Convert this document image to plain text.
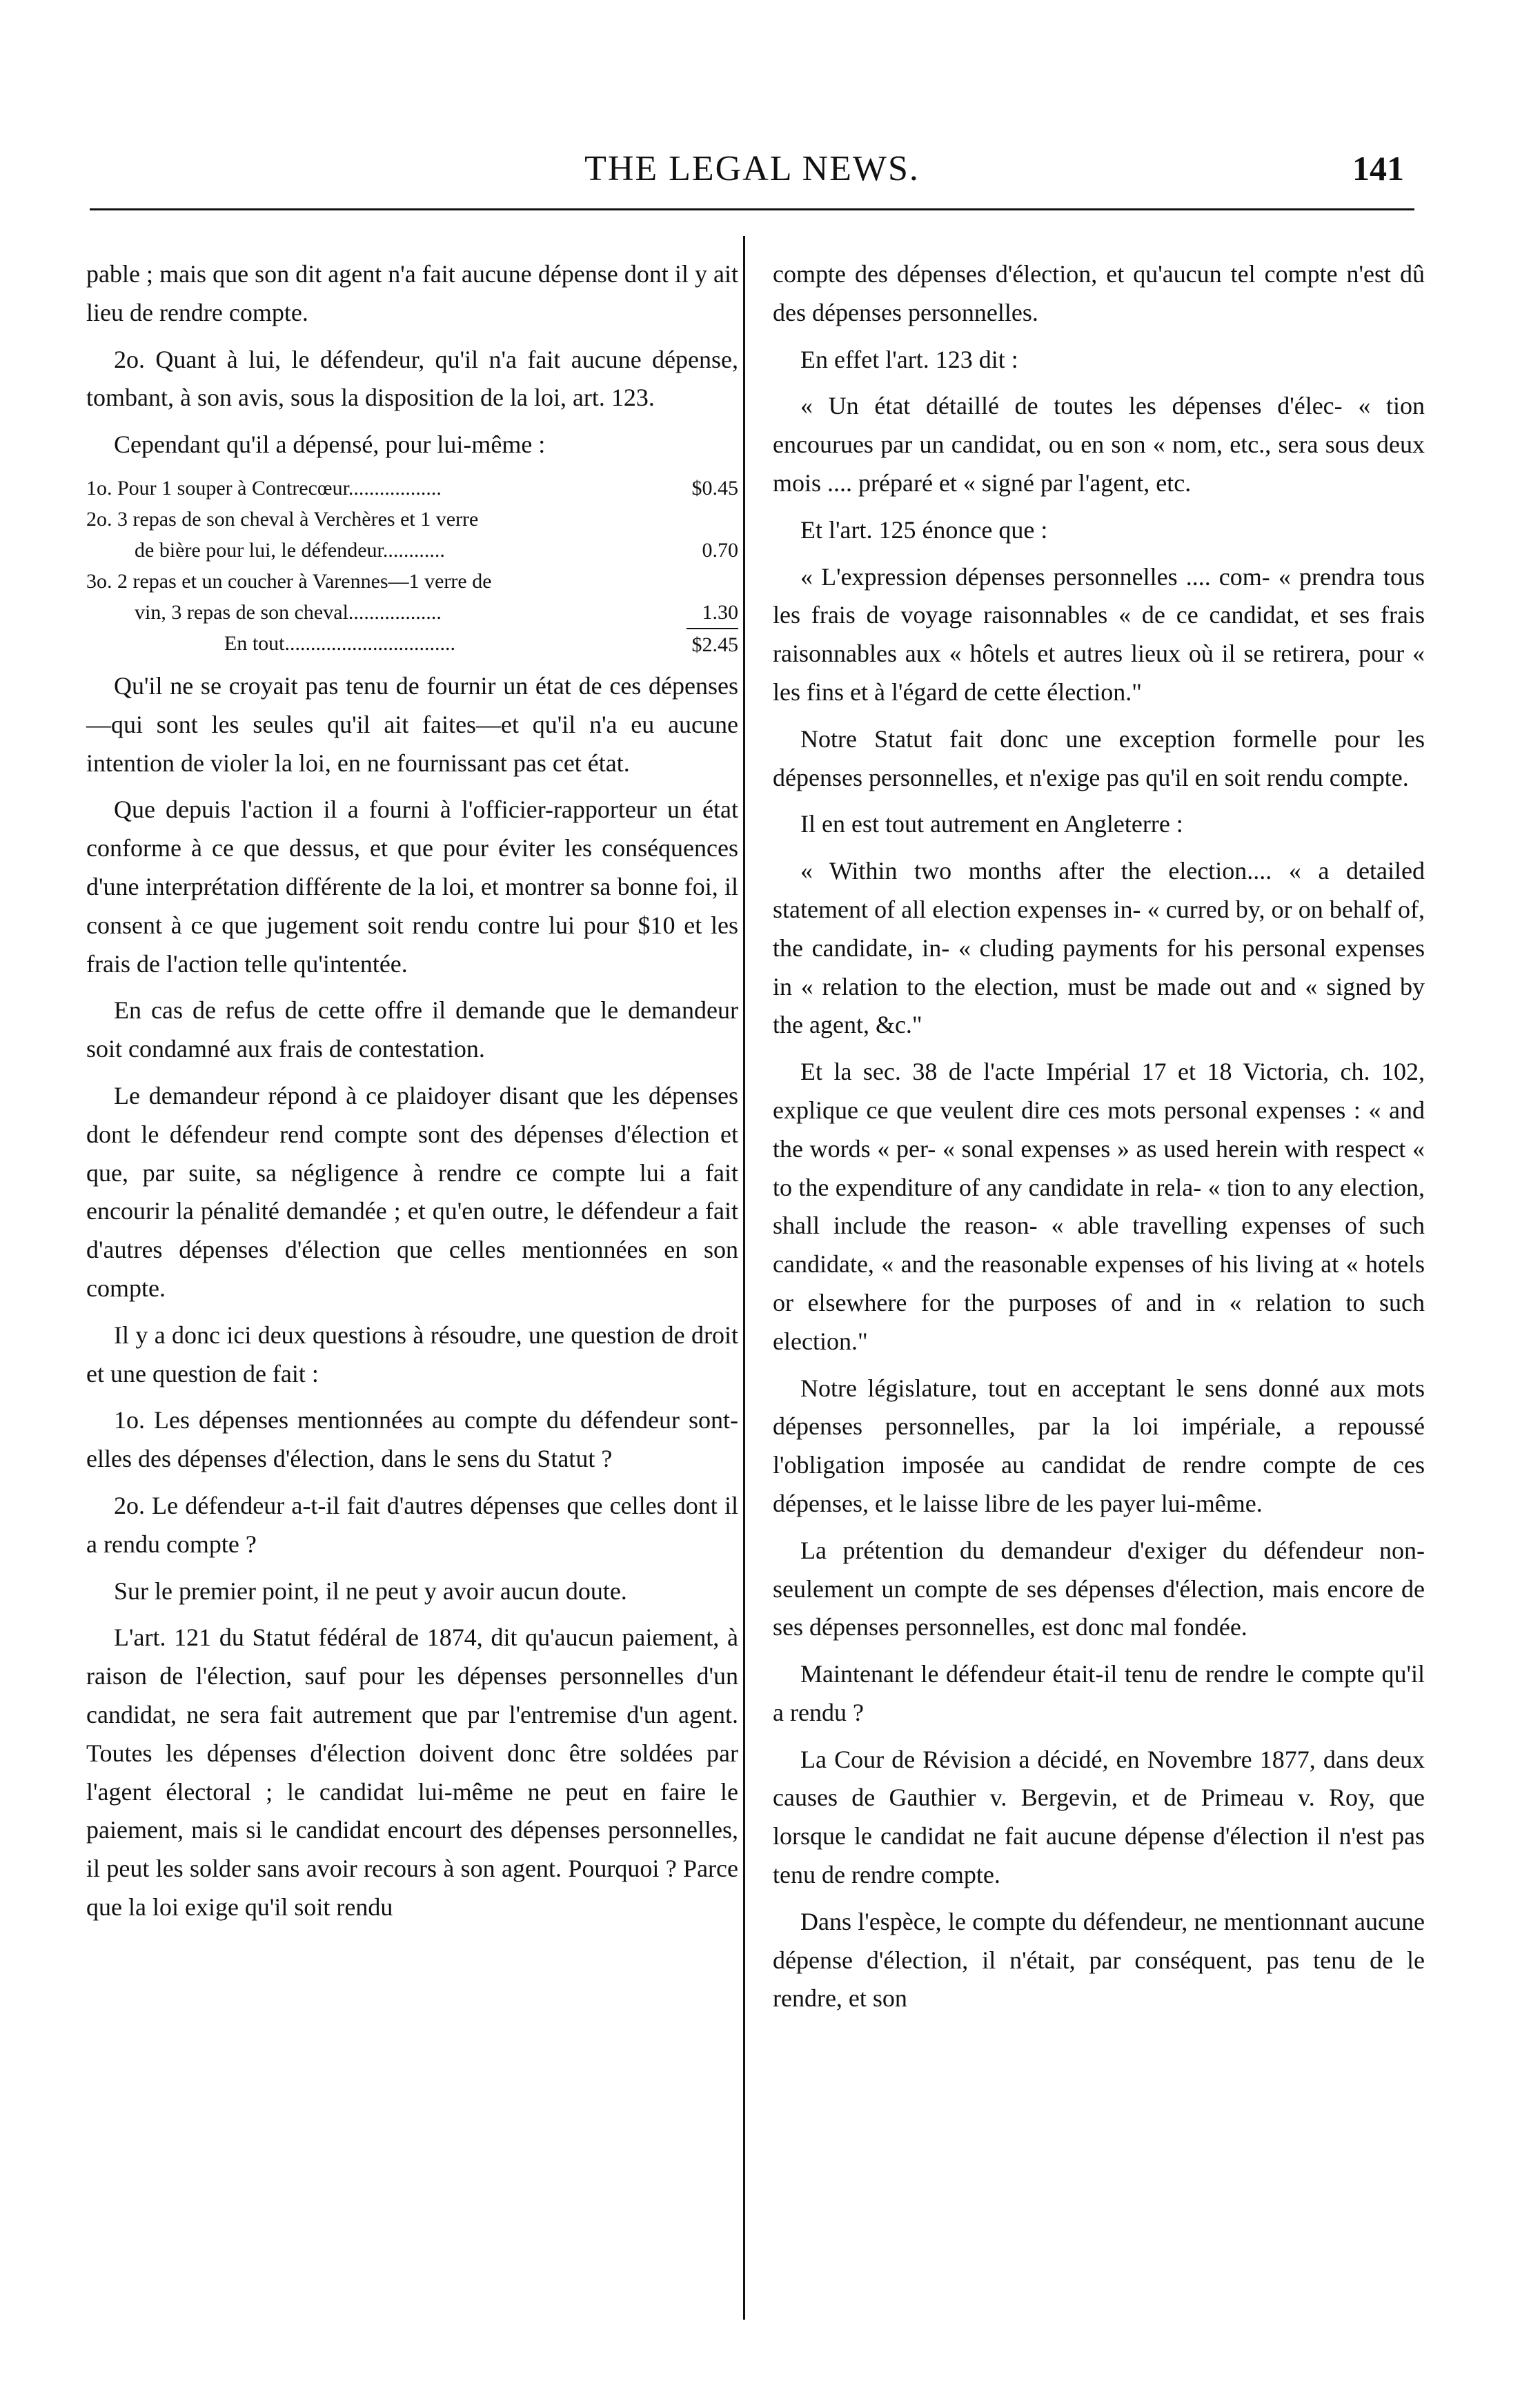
THE LEGAL NEWS.	141

pable ; mais que son dit agent n'a fait aucune dépense dont il y ait lieu de rendre compte.

2o. Quant à lui, le défendeur, qu'il n'a fait aucune dépense, tombant, à son avis, sous la disposition de la loi, art. 123.

Cependant qu'il a dépensé, pour lui-même :

1o. Pour 1 souper à Contrecœur..................	$0.45
2o. 3 repas de son cheval à Verchères et 1 verre
de bière pour lui, le défendeur............	0.70
3o. 2 repas et un coucher à Varennes—1 verre de
vin, 3 repas de son cheval..................	1.30
En tout.................................	$2.45

Qu'il ne se croyait pas tenu de fournir un état de ces dépenses—qui sont les seules qu'il ait faites—et qu'il n'a eu aucune intention de violer la loi, en ne fournissant pas cet état.

Que depuis l'action il a fourni à l'officier-rapporteur un état conforme à ce que dessus, et que pour éviter les conséquences d'une interprétation différente de la loi, et montrer sa bonne foi, il consent à ce que jugement soit rendu contre lui pour $10 et les frais de l'action telle qu'intentée.

En cas de refus de cette offre il demande que le demandeur soit condamné aux frais de contestation.

Le demandeur répond à ce plaidoyer disant que les dépenses dont le défendeur rend compte sont des dépenses d'élection et que, par suite, sa négligence à rendre ce compte lui a fait encourir la pénalité demandée ; et qu'en outre, le défendeur a fait d'autres dépenses d'élection que celles mentionnées en son compte.

Il y a donc ici deux questions à résoudre, une question de droit et une question de fait :

1o. Les dépenses mentionnées au compte du défendeur sont-elles des dépenses d'élection, dans le sens du Statut ?

2o. Le défendeur a-t-il fait d'autres dépenses que celles dont il a rendu compte ?

Sur le premier point, il ne peut y avoir aucun doute.

L'art. 121 du Statut fédéral de 1874, dit qu'aucun paiement, à raison de l'élection, sauf pour les dépenses personnelles d'un candidat, ne sera fait autrement que par l'entremise d'un agent. Toutes les dépenses d'élection doivent donc être soldées par l'agent électoral ; le candidat lui-même ne peut en faire le paiement, mais si le candidat encourt des dépenses personnelles, il peut les solder sans avoir recours à son agent. Pourquoi ? Parce que la loi exige qu'il soit rendu

compte des dépenses d'élection, et qu'aucun tel compte n'est dû des dépenses personnelles.

En effet l'art. 123 dit :

« Un état détaillé de toutes les dépenses d'élec- « tion encourues par un candidat, ou en son « nom, etc., sera sous deux mois .... préparé et « signé par l'agent, etc.

Et l'art. 125 énonce que :

« L'expression dépenses personnelles .... com- « prendra tous les frais de voyage raisonnables « de ce candidat, et ses frais raisonnables aux « hôtels et autres lieux où il se retirera, pour « les fins et à l'égard de cette élection."

Notre Statut fait donc une exception formelle pour les dépenses personnelles, et n'exige pas qu'il en soit rendu compte.

Il en est tout autrement en Angleterre :

« Within two months after the election.... « a detailed statement of all election expenses in- « curred by, or on behalf of, the candidate, in- « cluding payments for his personal expenses in « relation to the election, must be made out and « signed by the agent, &c."

Et la sec. 38 de l'acte Impérial 17 et 18 Victoria, ch. 102, explique ce que veulent dire ces mots personal expenses : « and the words « per- « sonal expenses » as used herein with respect « to the expenditure of any candidate in rela- « tion to any election, shall include the reason- « able travelling expenses of such candidate, « and the reasonable expenses of his living at « hotels or elsewhere for the purposes of and in « relation to such election."

Notre législature, tout en acceptant le sens donné aux mots dépenses personnelles, par la loi impériale, a repoussé l'obligation imposée au candidat de rendre compte de ces dépenses, et le laisse libre de les payer lui-même.

La prétention du demandeur d'exiger du défendeur non-seulement un compte de ses dépenses d'élection, mais encore de ses dépenses personnelles, est donc mal fondée.

Maintenant le défendeur était-il tenu de rendre le compte qu'il a rendu ?

La Cour de Révision a décidé, en Novembre 1877, dans deux causes de Gauthier v. Bergevin, et de Primeau v. Roy, que lorsque le candidat ne fait aucune dépense d'élection il n'est pas tenu de rendre compte.

Dans l'espèce, le compte du défendeur, ne mentionnant aucune dépense d'élection, il n'était, par conséquent, pas tenu de le rendre, et son
